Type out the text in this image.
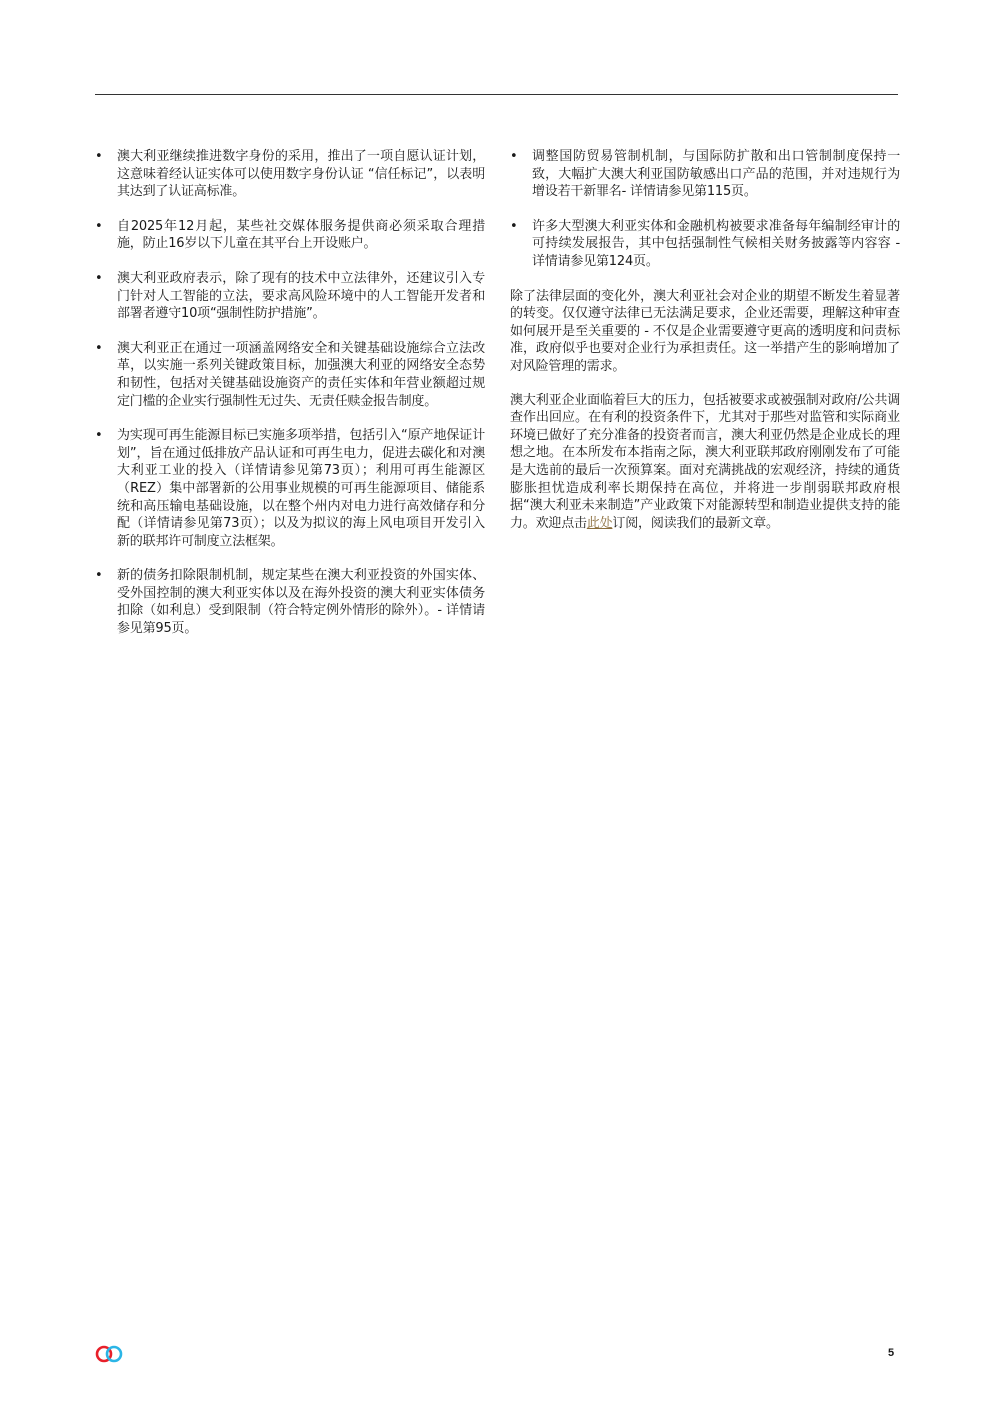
• 澳大利亚继续推进数字身份的采用，推出了一项自愿认证计划，这意味着经认证实体可以使用数字身份认证 “信任标记”，以表明其达到了认证高标准。
• 自2025年12月起，某些社交媒体服务提供商必须采取合理措施，防止16岁以下儿童在其平台上开设账户。
• 澳大利亚政府表示，除了现有的技术中立法律外，还建议引入专门针对人工智能的立法，要求高风险环境中的人工智能开发者和部署者遵守10项“强制性防护措施”。
• 澳大利亚正在通过一项涵盖网络安全和关键基础设施综合立法改革，以实施一系列关键政策目标，加强澳大利亚的网络安全态势和韧性，包括对关键基础设施资产的责任实体和年营业额超过规定门槛的企业实行强制性无过失、无责任赎金报告制度。
• 为实现可再生能源目标已实施多项举措，包括引入“原产地保证计划”，旨在通过低排放产品认证和可再生电力，促进去碳化和对澳大利亚工业的投入（详情请参见第73页）；利用可再生能源区（REZ）集中部署新的公用事业规模的可再生能源项目、储能系统和高压输电基础设施，以在整个州内对电力进行高效储存和分配（详情请参见第73页）；以及为拟议的海上风电项目开发引入新的联邦许可制度立法框架。
• 新的债务扣除限制机制，规定某些在澳大利亚投资的外国实体、受外国控制的澳大利亚实体以及在海外投资的澳大利亚实体债务扣除（如利息）受到限制（符合特定例外情形的除外）。- 详情请参见第95页。
• 调整国防贸易管制机制，与国际防扩散和出口管制制度保持一致，大幅扩大澳大利亚国防敏感出口产品的范围，并对违规行为增设若干新罪名- 详情请参见第115页。
• 许多大型澳大利亚实体和金融机构被要求准备每年编制经审计的可持续发展报告，其中包括强制性气候相关财务披露等内容容 - 详情请参见第124页。

除了法律层面的变化外，澳大利亚社会对企业的期望不断发生着显著的转变。仅仅遵守法律已无法满足要求，企业还需要，理解这种审查如何展开是至关重要的 - 不仅是企业需要遵守更高的透明度和问责标准，政府似乎也要对企业行为承担责任。这一举措产生的影响增加了对风险管理的需求。

澳大利亚企业面临着巨大的压力，包括被要求或被强制对政府/公共调查作出回应。在有利的投资条件下，尤其对于那些对监管和实际商业环境已做好了充分准备的投资者而言，澳大利亚仍然是企业成长的理想之地。在本所发布本指南之际，澳大利亚联邦政府刚刚发布了可能是大选前的最后一次预算案。面对充满挑战的宏观经济，持续的通货膨胀担忧造成利率长期保持在高位，并将进一步削弱联邦政府根据“澳大利亚未来制造”产业政策下对能源转型和制造业提供支持的能力。欢迎点击此处订阅，阅读我们的最新文章。

5
